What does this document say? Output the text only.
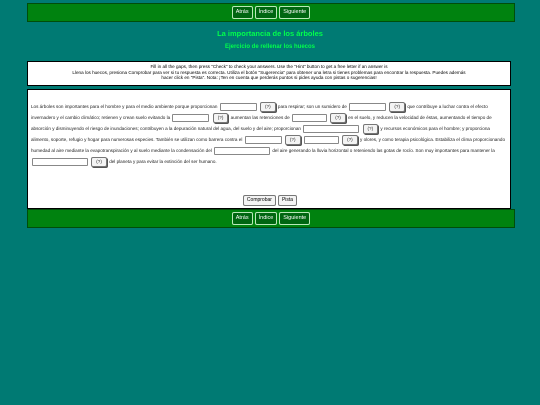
Atrás	Índice	Siguiente
La importancia de los árboles
Ejercicio de rellenar los huecos
Fill in all the gaps, then press "Check" to check your answers. Use the "Hint" button to get a free letter if an answer is
Llena los huecos, presiona Comprobar para ver si tu respuesta es correcta. Utiliza el botón "Sugerencia" para obtener una letra si tienes problemas para encontrar la respuesta. Puedes además
hacer click en "Pista". Nota: ¡Ten en cuenta que perderás puntos si pides ayuda con pistas o sugerencias!
Los árboles son importantes para el hombre y para el medio ambiente porque proporcionan	(?) para respirar; son un sumidero de	(?) que contribuye a luchar contra el efecto invernadero y el cambio climático; retienen y crean suelo evitando la	(?) aumentan las retenciones de	(?) en el suelo, y reducen la velocidad de éstas, aumentando el tiempo de absorción y disminuyendo el riesgo de inundaciones; contribuyen a la depuración natural del agua, del suelo y del aire; proporcionan	(?) y recursos económicos para el hombre; y proporciona alimento, soporte, refugio y hogar para numerosas especies. También se utilizan como barrera contra el	(?)	(?) y olores, y como terapia psicológica. Estabiliza el clima proporcionando humedad al aire mediante la evapotranspiración y al suelo mediante la condensación del	del aire generando la lluvia horizontal o reteniendo las gotas de rocío. Son muy importantes para mantener la  (?) del planeta y para evitar la extinción del ser humano.
Comprobar	Pista
Atrás	Índice	Siguiente
